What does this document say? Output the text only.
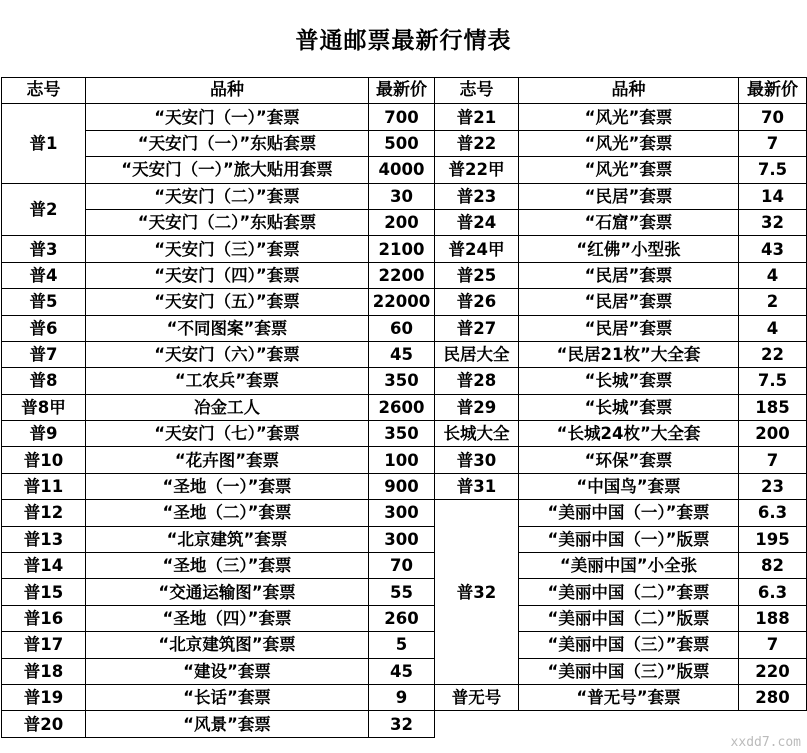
普通邮票最新行情表
志号	品种	最新价	志号	品种	最新价
普1	“天安门（一）”套票	700	普21	“风光”套票	70
	“天安门（一）”东贴套票	500	普22	“风光”套票	7
	“天安门（一）”旅大贴用套票	4000	普22甲	“风光”套票	7.5
普2	“天安门（二）”套票	30	普23	“民居”套票	14
	“天安门（二）”东贴套票	200	普24	“石窟”套票	32
普3	“天安门（三）”套票	2100	普24甲	“红佛”小型张	43
普4	“天安门（四）”套票	2200	普25	“民居”套票	4
普5	“天安门（五）”套票	22000	普26	“民居”套票	2
普6	“不同图案”套票	60	普27	“民居”套票	4
普7	“天安门（六）”套票	45	民居大全	“民居21枚”大全套	22
普8	“工农兵”套票	350	普28	“长城”套票	7.5
普8甲	冶金工人	2600	普29	“长城”套票	185
普9	“天安门（七）”套票	350	长城大全	“长城24枚”大全套	200
普10	“花卉图”套票	100	普30	“环保”套票	7
普11	“圣地（一）”套票	900	普31	“中国鸟”套票	23
普12	“圣地（二）”套票	300	普32	“美丽中国（一）”套票	6.3
普13	“北京建筑”套票	300		“美丽中国（一）”版票	195
普14	“圣地（三）”套票	70		“美丽中国”小全张	82
普15	“交通运输图”套票	55		“美丽中国（二）”套票	6.3
普16	“圣地（四）”套票	260		“美丽中国（二）”版票	188
普17	“北京建筑图”套票	5		“美丽中国（三）”套票	7
普18	“建设”套票	45		“美丽中国（三）”版票	220
普19	“长话”套票	9	普无号	“普无号”套票	280
普20	“风景”套票	32			
xxdd7.com
